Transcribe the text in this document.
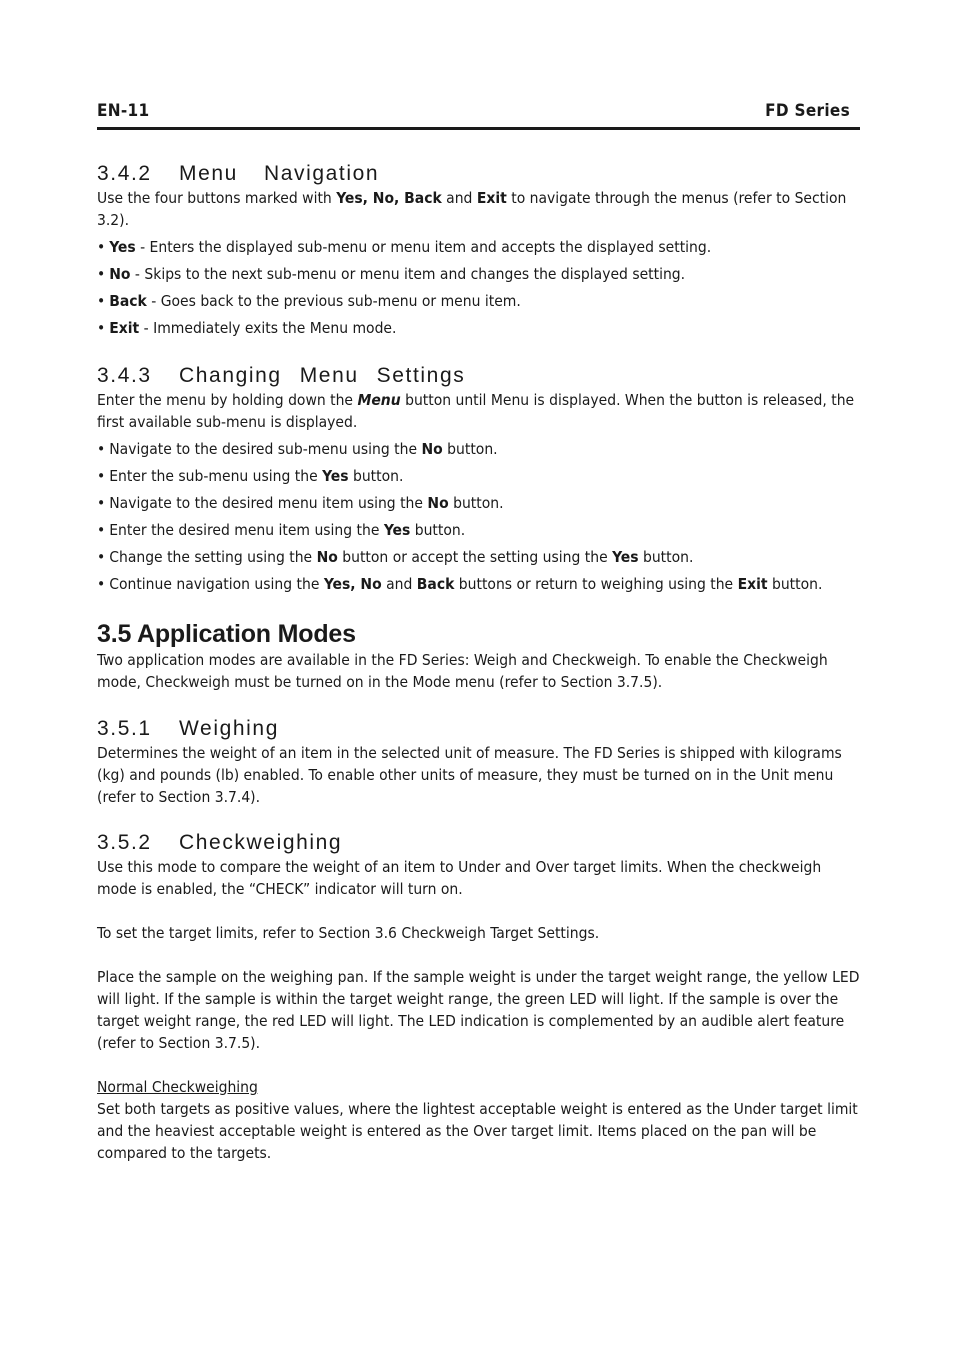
EN-11	FD Series
3.4.2 Menu Navigation

Use the four buttons marked with Yes, No, Back and Exit to navigate through the menus (refer to Section 3.2).

• Yes - Enters the displayed sub-menu or menu item and accepts the displayed setting.
• No - Skips to the next sub-menu or menu item and changes the displayed setting.
• Back - Goes back to the previous sub-menu or menu item.
• Exit - Immediately exits the Menu mode.
3.4.3 Changing Menu Settings

Enter the menu by holding down the Menu button until Menu is displayed. When the button is released, the first available sub-menu is displayed.

• Navigate to the desired sub-menu using the No button.
• Enter the sub-menu using the Yes button.
• Navigate to the desired menu item using the No button.
• Enter the desired menu item using the Yes button.
• Change the setting using the No button or accept the setting using the Yes button.
• Continue navigation using the Yes, No and Back buttons or return to weighing using the Exit button.
3.5 Application Modes

Two application modes are available in the FD Series: Weigh and Checkweigh. To enable the Checkweigh mode, Checkweigh must be turned on in the Mode menu (refer to Section 3.7.5).

3.5.1 Weighing

Determines the weight of an item in the selected unit of measure. The FD Series is shipped with kilograms (kg) and pounds (lb) enabled. To enable other units of measure, they must be turned on in the Unit menu (refer to Section 3.7.4).

3.5.2 Checkweighing

Use this mode to compare the weight of an item to Under and Over target limits. When the checkweigh mode is enabled, the “CHECK” indicator will turn on.

To set the target limits, refer to Section 3.6 Checkweigh Target Settings.

Place the sample on the weighing pan. If the sample weight is under the target weight range, the yellow LED will light. If the sample is within the target weight range, the green LED will light. If the sample is over the target weight range, the red LED will light. The LED indication is complemented by an audible alert feature (refer to Section 3.7.5).

Normal Checkweighing

Set both targets as positive values, where the lightest acceptable weight is entered as the Under target limit and the heaviest acceptable weight is entered as the Over target limit. Items placed on the pan will be compared to the targets.
